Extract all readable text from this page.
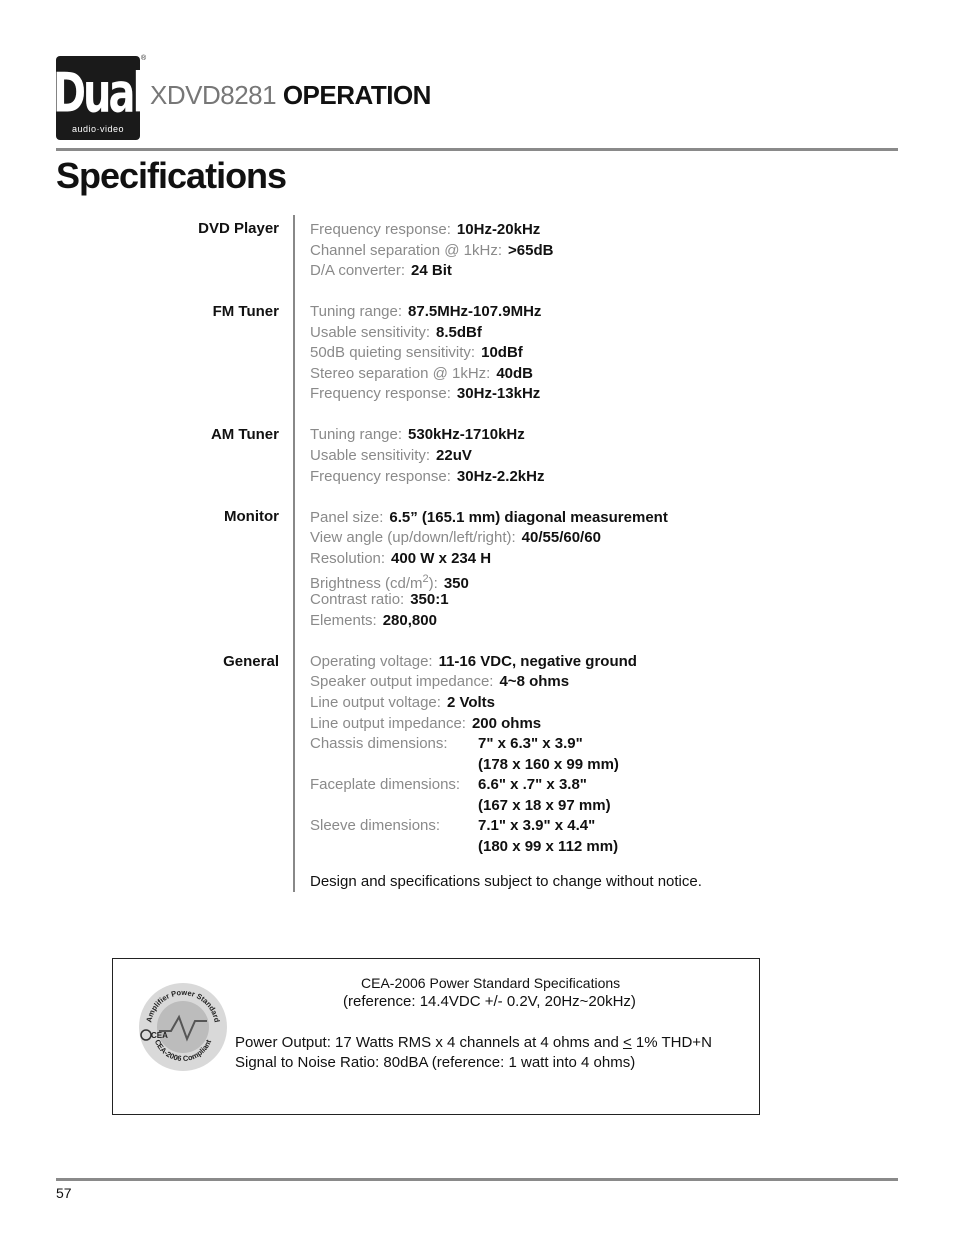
Dual
audio·video
®
XDVD8281 OPERATION
Specifications
DVD Player Frequency response: 10Hz-20kHz
Channel separation @ 1kHz: >65dB
D/A converter: 24 Bit
FM Tuner Tuning range: 87.5MHz-107.9MHz
Usable sensitivity: 8.5dBf
50dB quieting sensitivity: 10dBf
Stereo separation @ 1kHz: 40dB
Frequency response: 30Hz-13kHz
AM Tuner Tuning range: 530kHz-1710kHz
Usable sensitivity: 22uV
Frequency response: 30Hz-2.2kHz
Monitor Panel size: 6.5” (165.1 mm) diagonal measurement
View angle (up/down/left/right): 40/55/60/60
Resolution: 400 W x 234 H
Brightness $(cd/m^2)$: 350
Contrast ratio: 350:1
Elements: 280,800
General Operating voltage: 11-16 VDC, negative ground
Speaker output impedance: 4~8 ohms
Line output voltage: 2 Volts
Line output impedance: 200 ohms
Chassis dimensions: 7" x 6.3" x 3.9"
(178 x 160 x 99 mm)
Faceplate dimensions: 6.6" x .7" x 3.8"
(167 x 18 x 97 mm)
Sleeve dimensions:	7.1" x 3.9" x 4.4"
(180 x 99 x 112 mm)
Design and specifications subject to change without notice.
Amplifier Power Standard
CEA-2006 Compliant
CEA
CEA-2006 Power Standard Specifications
(reference: 14.4VDC +/- 0.2V, 20Hz~20kHz)
Power Output: 17 Watts RMS x 4 channels at 4 ohms and ≤ 1% THD+N
Signal to Noise Ratio: 80dBA (reference: 1 watt into 4 ohms)
57
